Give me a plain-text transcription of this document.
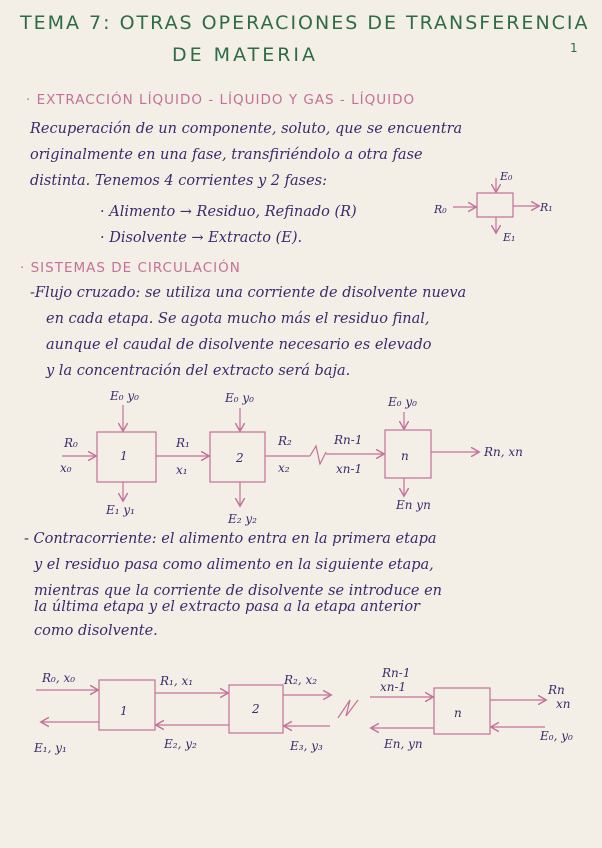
TEMA 7: OTRAS OPERACIONES DE TRANSFERENCIA
DE MATERIA	1
· EXTRACCIÓN LÍQUIDO - LÍQUIDO Y GAS - LÍQUIDO
Recuperación de un componente, soluto, que se encuentra
originalmente en una fase, transfiriéndolo a otra fase
distinta. Tenemos 4 corrientes y 2 fases:
· Alimento → Residuo, Refinado (R)
· Disolvente → Extracto (E).
E₀
R₀	R₁
E₁
· SISTEMAS DE CIRCULACIÓN
-Flujo cruzado: se utiliza una corriente de disolvente nueva
en cada etapa. Se agota mucho más el residuo final,
aunque el caudal de disolvente necesario es elevado
y la concentración del extracto será baja.
E₀ y₀	E₀ y₀	E₀ y₀
R₀
x₀
1
R₁
x₁
2
R₂
x₂
Rn-1
xn-1
n	Rn, xn
E₁ y₁
E₂ y₂
En yn
- Contracorriente: el alimento entra en la primera etapa
y el residuo pasa como alimento en la siguiente etapa,
mientras que la corriente de disolvente se introduce en
la última etapa y el extracto pasa a la etapa anterior
como disolvente.
R₀, x₀	R₁, x₁	R₂, x₂	Rn-1
xn-1	Rn
xn
1	2	n
E₁, y₁	E₂, y₂	E₃, y₃	En, yn
E₀, y₀
